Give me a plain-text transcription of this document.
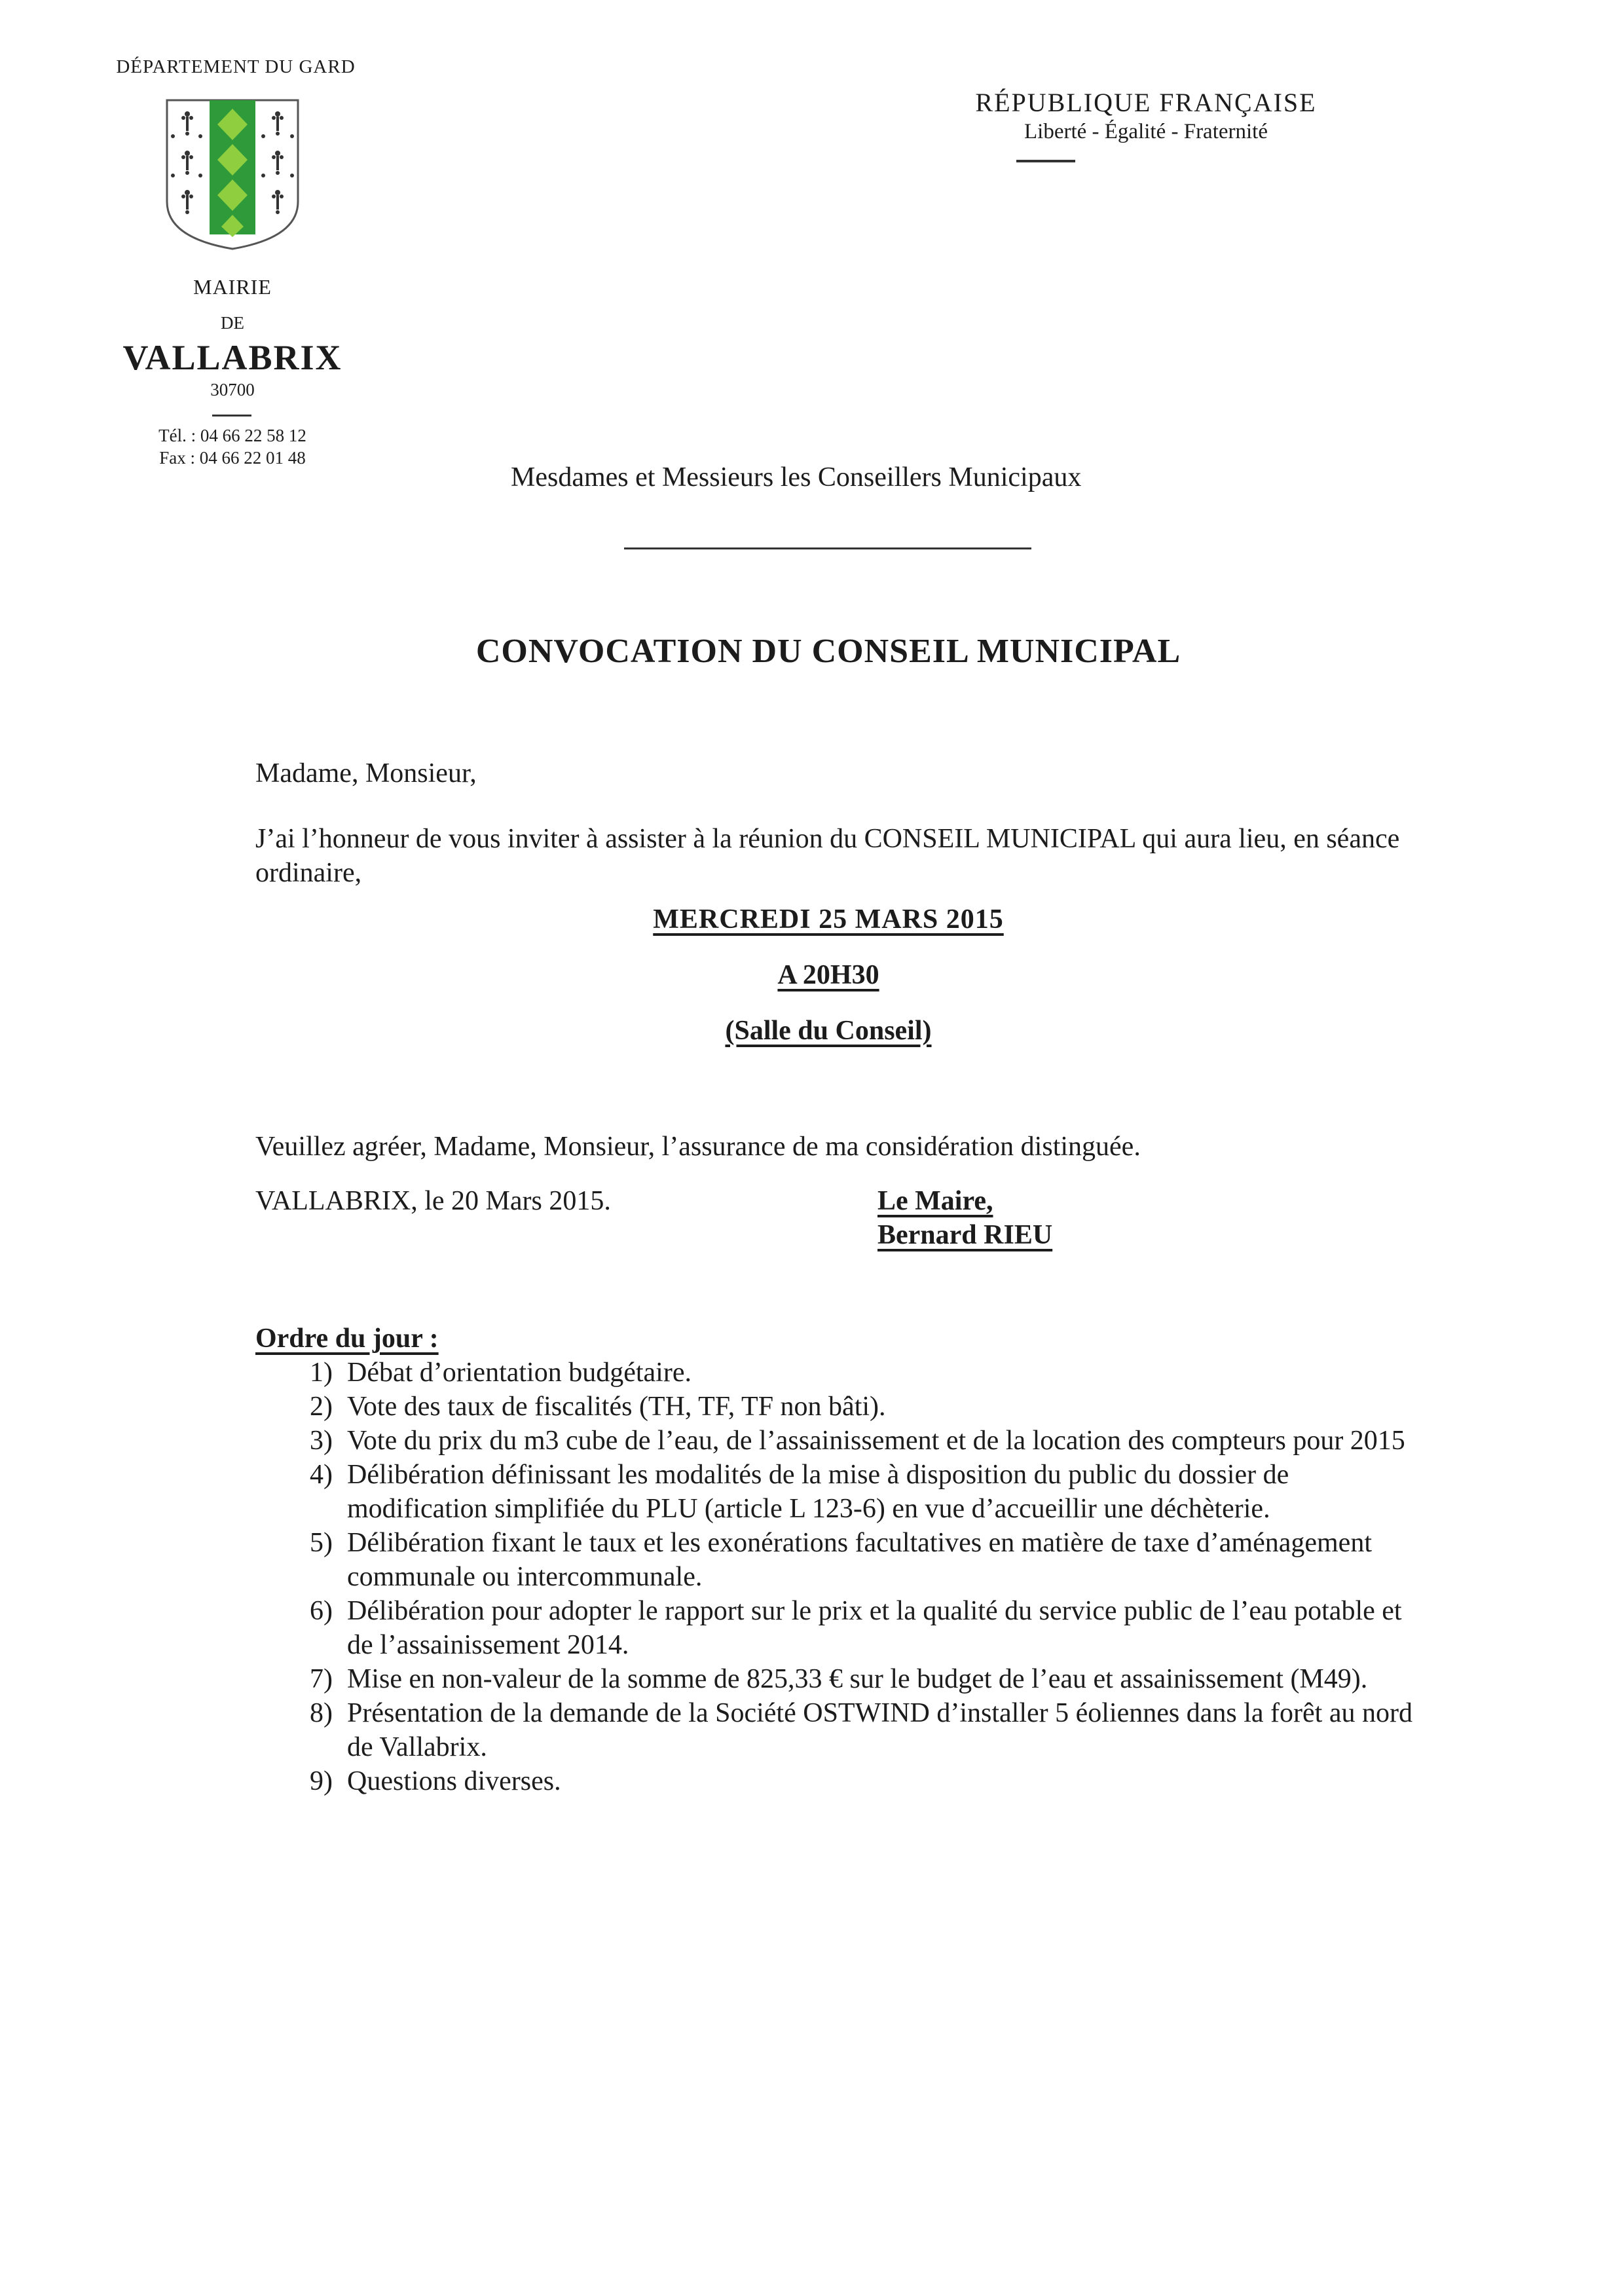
DÉPARTEMENT DU GARD
MAIRIE
DE
VALLABRIX
30700
Tél. : 04 66 22 58 12
Fax : 04 66 22 01 48
RÉPUBLIQUE FRANÇAISE
Liberté - Égalité - Fraternité
Mesdames et Messieurs les Conseillers Municipaux
CONVOCATION DU CONSEIL MUNICIPAL
Madame, Monsieur,
J’ai l’honneur de vous inviter à assister à la réunion du CONSEIL MUNICIPAL qui aura lieu, en séance ordinaire,
MERCREDI 25 MARS 2015
A 20H30
(Salle du Conseil)
Veuillez agréer, Madame, Monsieur, l’assurance de ma considération distinguée.
VALLABRIX, le 20 Mars 2015.	Le Maire,
Bernard RIEU
Ordre du jour :
1) Débat d’orientation budgétaire.
2) Vote des taux de fiscalités (TH, TF, TF non bâti).
3) Vote du prix du m3 cube de l’eau, de l’assainissement et de la location des compteurs pour 2015
4) Délibération définissant les modalités de la mise à disposition du public du dossier de modification simplifiée du PLU (article L 123-6) en vue d’accueillir une déchèterie.
5) Délibération fixant le taux et les exonérations facultatives en matière de taxe d’aménagement communale ou intercommunale.
6) Délibération pour adopter le rapport sur le prix et la qualité du service public de l’eau potable et de l’assainissement 2014.
7) Mise en non-valeur de la somme de 825,33 € sur le budget de l’eau et assainissement (M49).
8) Présentation de la demande de la Société OSTWIND d’installer 5 éoliennes dans la forêt au nord de Vallabrix.
9) Questions diverses.
